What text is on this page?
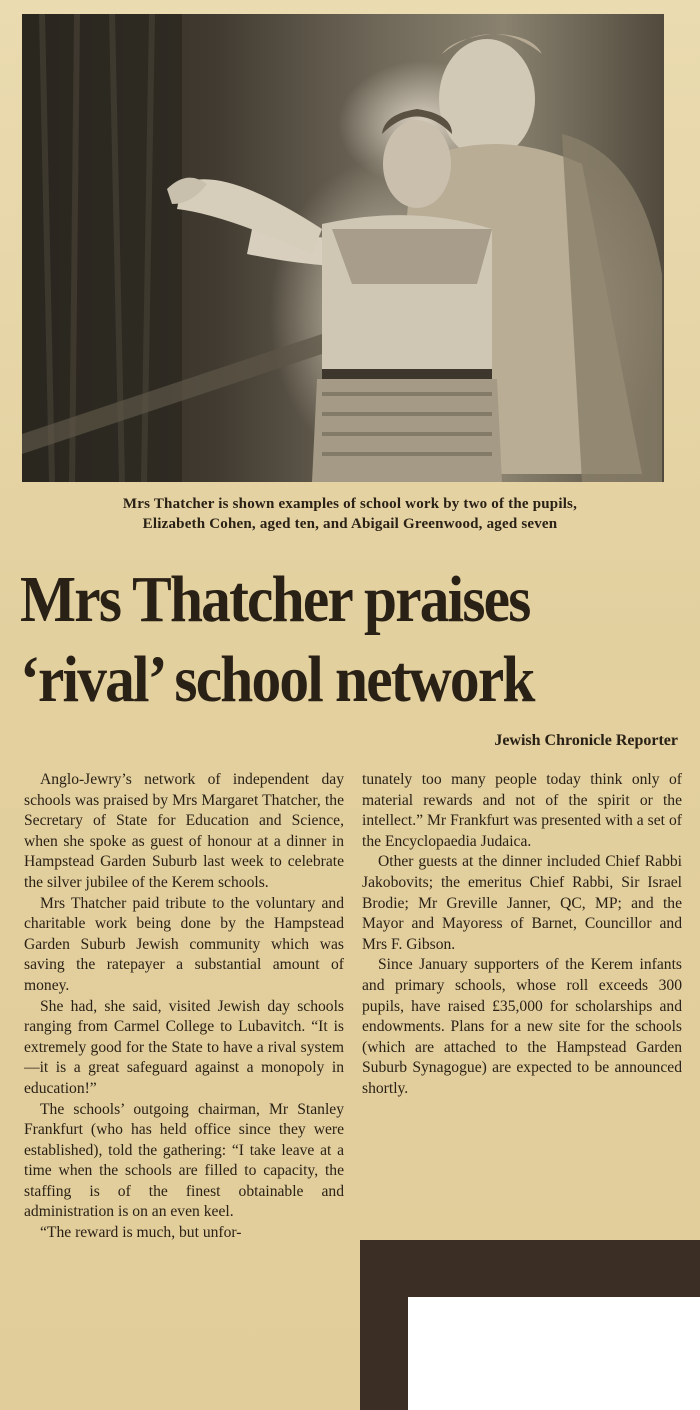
Mrs Thatcher is shown examples of school work by two of the pupils,
Elizabeth Cohen, aged ten, and Abigail Greenwood, aged seven
Mrs Thatcher praises
‘rival’ school network
Jewish Chronicle Reporter

Anglo-Jewry’s network of independent day schools was praised by Mrs Margaret Thatcher, the Secretary of State for Education and Science, when she spoke as guest of honour at a dinner in Hampstead Garden Suburb last week to celebrate the silver jubilee of the Kerem schools.

Mrs Thatcher paid tribute to the voluntary and charitable work being done by the Hampstead Garden Suburb Jewish community which was saving the ratepayer a substantial amount of money.

She had, she said, visited Jewish day schools ranging from Carmel College to Lubavitch. “It is extremely good for the State to have a rival system—it is a great safeguard against a monopoly in education!”

The schools’ outgoing chairman, Mr Stanley Frankfurt (who has held office since they were established), told the gathering: “I take leave at a time when the schools are filled to capacity, the staffing is of the finest obtainable and administration is on an even keel.

“The reward is much, but unfor-

tunately too many people today think only of material rewards and not of the spirit or the intellect.” Mr Frankfurt was presented with a set of the Encyclopaedia Judaica.

Other guests at the dinner included Chief Rabbi Jakobovits; the emeritus Chief Rabbi, Sir Israel Brodie; Mr Greville Janner, QC, MP; and the Mayor and Mayoress of Barnet, Councillor and Mrs F. Gibson.

Since January supporters of the Kerem infants and primary schools, whose roll exceeds 300 pupils, have raised £35,000 for scholarships and endowments. Plans for a new site for the schools (which are attached to the Hampstead Garden Suburb Synagogue) are expected to be announced shortly.
